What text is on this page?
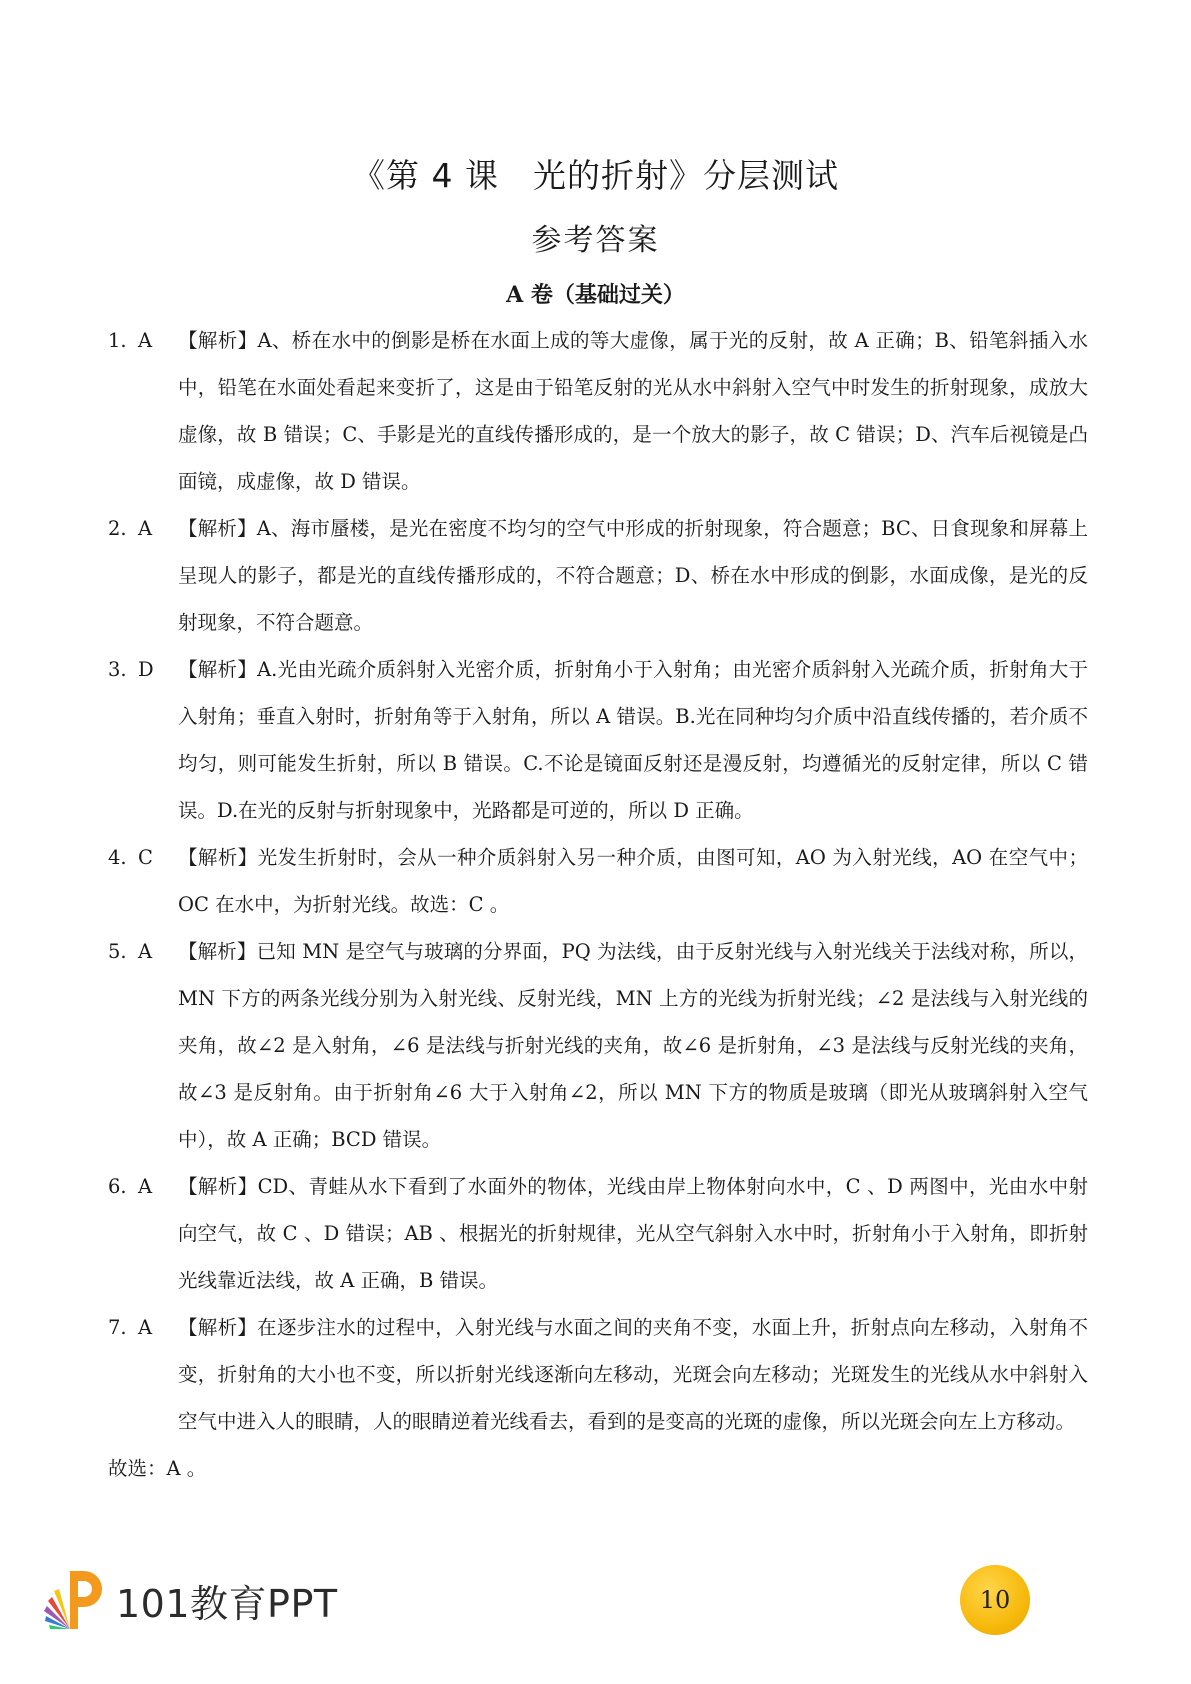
《第 4 课　光的折射》分层测试
参考答案
A 卷（基础过关）
1. A	【解析】A、桥在水中的倒影是桥在水面上成的等大虚像，属于光的反射，故 A 正确；B、铅笔斜插入水中，铅笔在水面处看起来变折了，这是由于铅笔反射的光从水中斜射入空气中时发生的折射现象，成放大虚像，故 B 错误；C、手影是光的直线传播形成的，是一个放大的影子，故 C 错误；D、汽车后视镜是凸面镜，成虚像，故 D 错误。
2. A	【解析】A、海市蜃楼，是光在密度不均匀的空气中形成的折射现象，符合题意；BC、日食现象和屏幕上呈现人的影子，都是光的直线传播形成的，不符合题意；D、桥在水中形成的倒影，水面成像，是光的反射现象，不符合题意。
3. D	【解析】A.光由光疏介质斜射入光密介质，折射角小于入射角；由光密介质斜射入光疏介质，折射角大于入射角；垂直入射时，折射角等于入射角，所以 A 错误。B.光在同种均匀介质中沿直线传播的，若介质不均匀，则可能发生折射，所以 B 错误。C.不论是镜面反射还是漫反射，均遵循光的反射定律，所以 C 错误。D.在光的反射与折射现象中，光路都是可逆的，所以 D 正确。
4. C	【解析】光发生折射时，会从一种介质斜射入另一种介质，由图可知，AO 为入射光线，AO 在空气中；OC 在水中，为折射光线。故选：C 。
5. A	【解析】已知 MN 是空气与玻璃的分界面，PQ 为法线，由于反射光线与入射光线关于法线对称，所以，MN 下方的两条光线分别为入射光线、反射光线，MN 上方的光线为折射光线；∠2 是法线与入射光线的夹角，故∠2 是入射角，∠6 是法线与折射光线的夹角，故∠6 是折射角，∠3 是法线与反射光线的夹角，故∠3 是反射角。由于折射角∠6 大于入射角∠2，所以 MN 下方的物质是玻璃（即光从玻璃斜射入空气中），故 A 正确；BCD 错误。
6. A	【解析】CD、青蛙从水下看到了水面外的物体，光线由岸上物体射向水中，C 、D 两图中，光由水中射向空气，故 C 、D 错误；AB 、根据光的折射规律，光从空气斜射入水中时，折射角小于入射角，即折射光线靠近法线，故 A 正确，B 错误。
7. A	【解析】在逐步注水的过程中，入射光线与水面之间的夹角不变，水面上升，折射点向左移动，入射角不变，折射角的大小也不变，所以折射光线逐渐向左移动，光斑会向左移动；光斑发生的光线从水中斜射入空气中进入人的眼睛，人的眼睛逆着光线看去，看到的是变高的光斑的虚像，所以光斑会向左上方移动。
故选：A 。
101教育PPT	10
